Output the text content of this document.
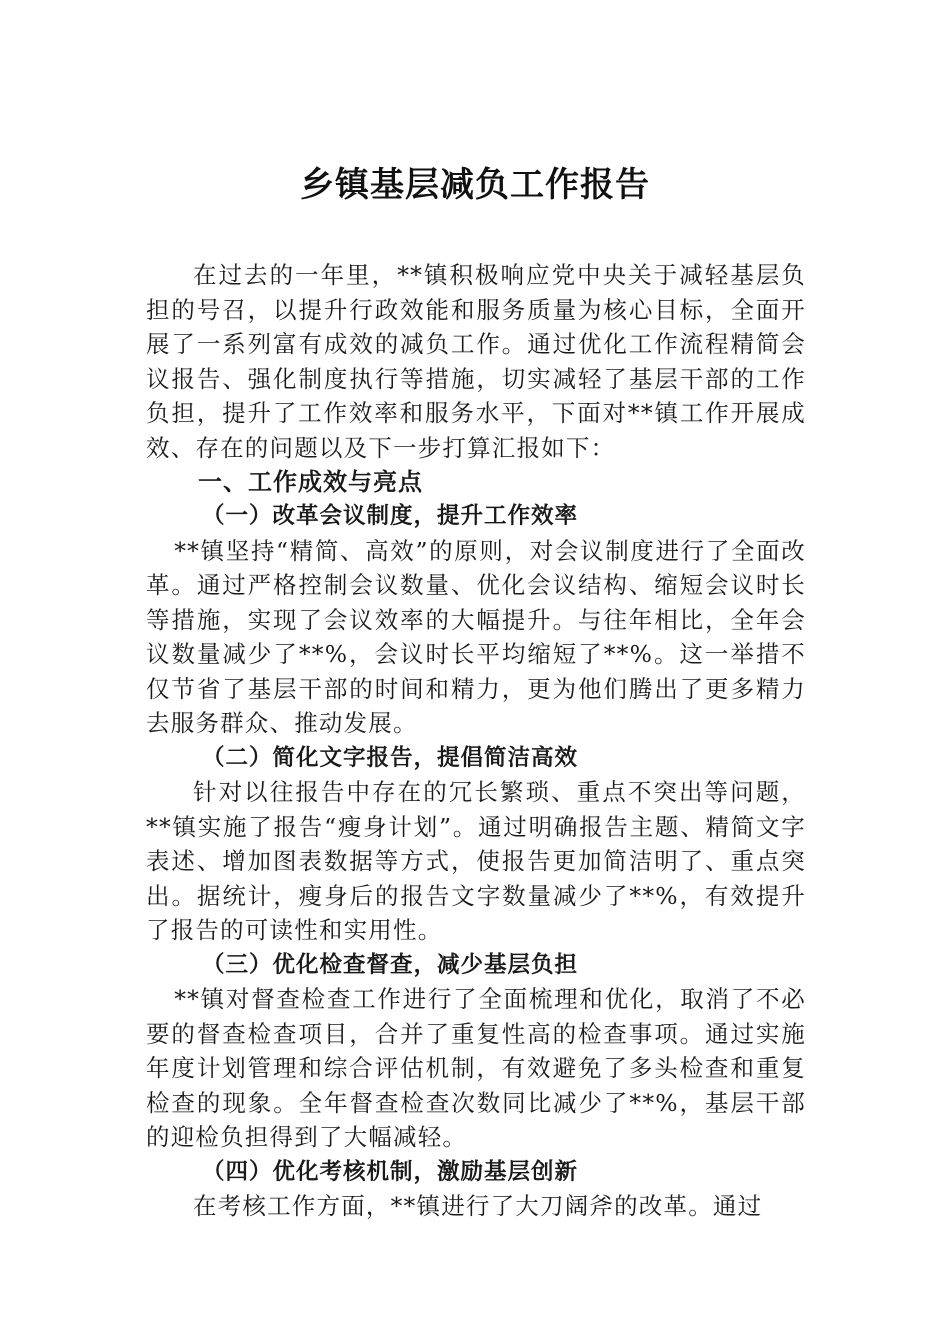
乡镇基层减负工作报告

在过去的一年里，**镇积极响应党中央关于减轻基层负担的号召，以提升行政效能和服务质量为核心目标，全面开展了一系列富有成效的减负工作。通过优化工作流程精简会议报告、强化制度执行等措施，切实减轻了基层干部的工作负担，提升了工作效率和服务水平，下面对**镇工作开展成效、存在的问题以及下一步打算汇报如下：

一、工作成效与亮点
（一）改革会议制度，提升工作效率

**镇坚持“精简、高效”的原则，对会议制度进行了全面改革。通过严格控制会议数量、优化会议结构、缩短会议时长等措施，实现了会议效率的大幅提升。与往年相比，全年会议数量减少了**%，会议时长平均缩短了**%。这一举措不仅节省了基层干部的时间和精力，更为他们腾出了更多精力去服务群众、推动发展。

（二）简化文字报告，提倡简洁高效

针对以往报告中存在的冗长繁琐、重点不突出等问题，**镇实施了报告“瘦身计划”。通过明确报告主题、精简文字表述、增加图表数据等方式，使报告更加简洁明了、重点突出。据统计，瘦身后的报告文字数量减少了**%，有效提升了报告的可读性和实用性。

（三）优化检查督查，减少基层负担

**镇对督查检查工作进行了全面梳理和优化，取消了不必要的督查检查项目，合并了重复性高的检查事项。通过实施年度计划管理和综合评估机制，有效避免了多头检查和重复检查的现象。全年督查检查次数同比减少了**%，基层干部的迎检负担得到了大幅减轻。

（四）优化考核机制，激励基层创新

在考核工作方面，**镇进行了大刀阔斧的改革。通过
